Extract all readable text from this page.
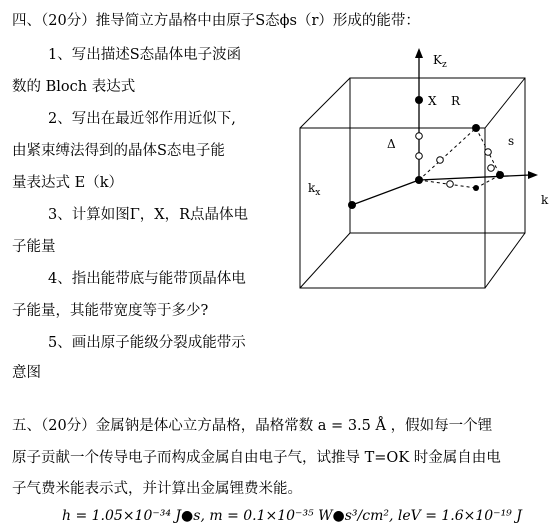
四、（20分）推导简立方晶格中由原子S态ϕs（r）形成的能带：
1、写出描述S态晶体电子波函
数的 Bloch 表达式
2、写出在最近邻作用近似下,
由紧束缚法得到的晶体S态电子能
量表达式 E（k）
3、计算如图Γ，X，R点晶体电
子能量
4、指出能带底与能带顶晶体电
子能量，其能带宽度等于多少?
5、画出原子能级分裂成能带示
意图
$K_z$
X R
Δ	s
$k_x$	k
五、（20分）金属钠是体心立方晶格，晶格常数 a = 3.5 Å ，假如每一个锂
原子贡献一个传导电子而构成金属自由电子气，试推导 T=OK 时金属自由电
子气费米能表示式，并计算出金属锂费米能。
h = 1.05×10⁻³⁴ J●s, m = 0.1×10⁻³⁵ W●s³/cm², leV = 1.6×10⁻¹⁹ J
